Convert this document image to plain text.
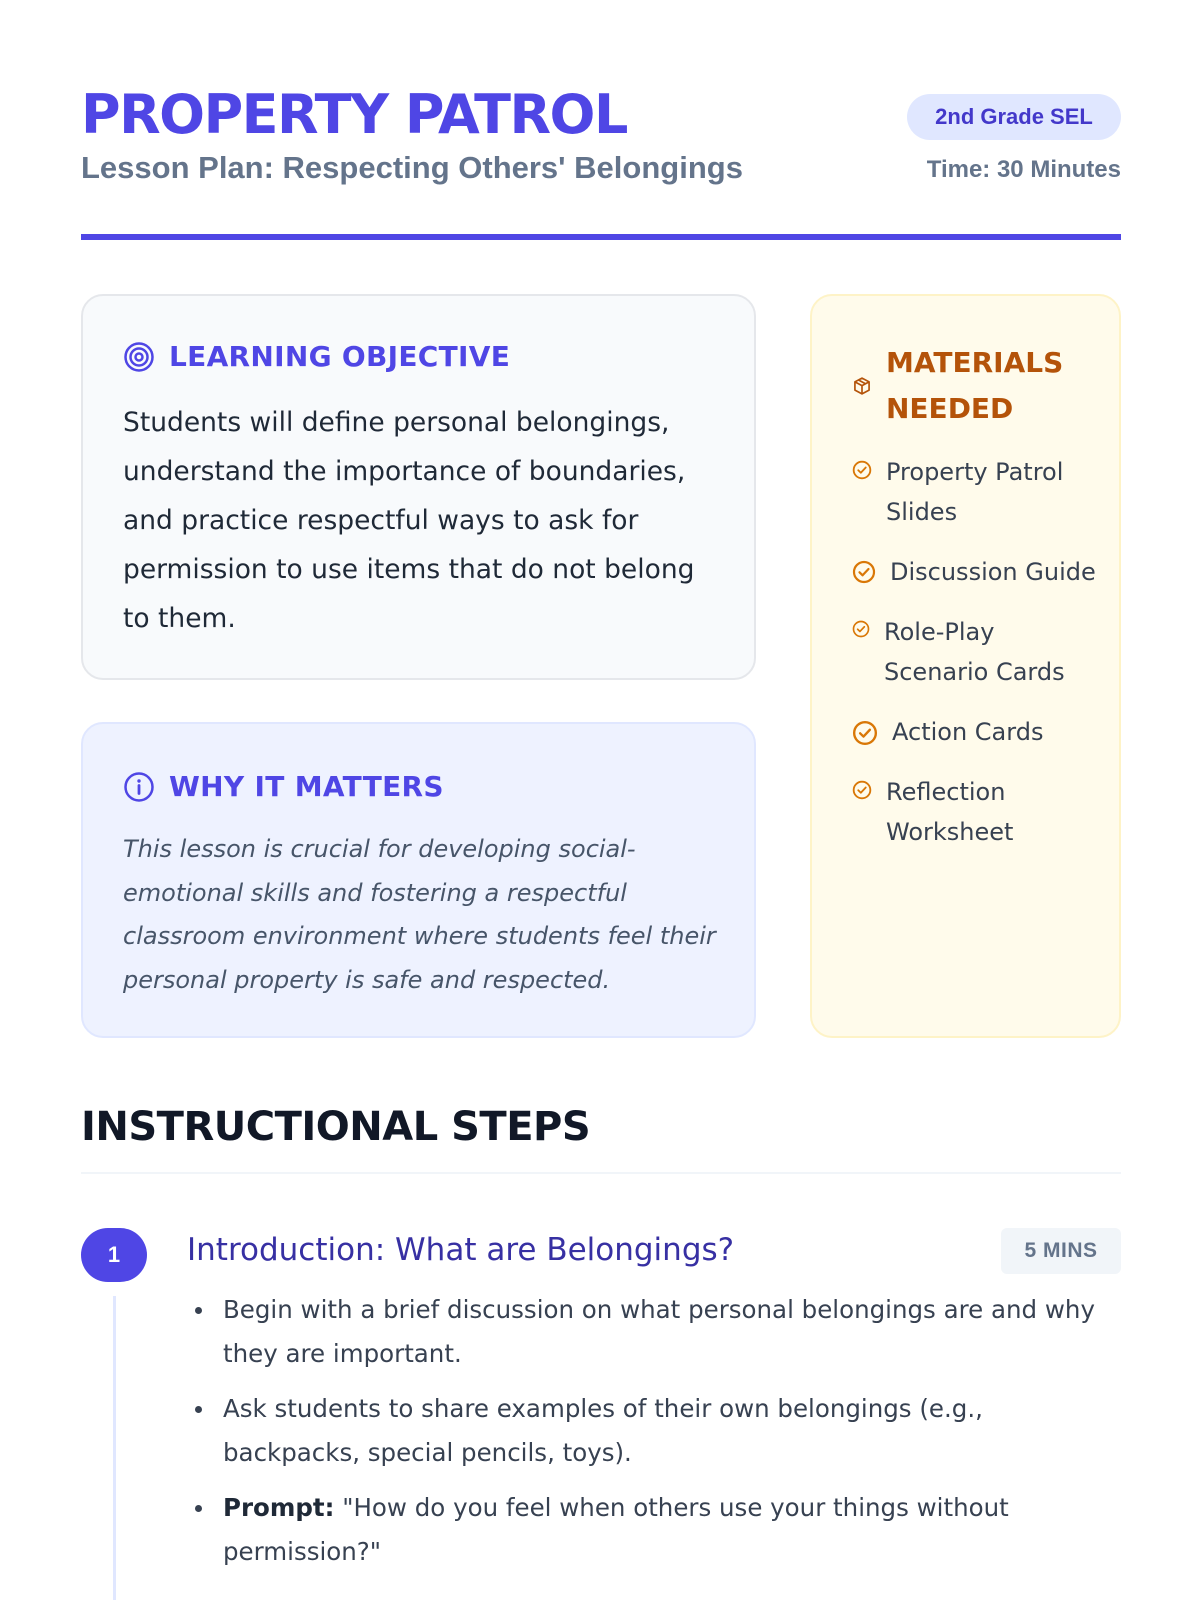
PROPERTY PATROL
Lesson Plan: Respecting Others' Belongings
2nd Grade SEL
Time: 30 Minutes
LEARNING OBJECTIVE

Students will define personal belongings, understand the importance of boundaries, and practice respectful ways to ask for permission to use items that do not belong to them.

WHY IT MATTERS

This lesson is crucial for developing social-emotional skills and fostering a respectful classroom environment where students feel their personal property is safe and respected.

MATERIALS NEEDED
Property Patrol Slides
Discussion Guide
Role-Play Scenario Cards
Action Cards
Reflection Worksheet
INSTRUCTIONAL STEPS
1	Introduction: What are Belongings?	5 MINS
Begin with a brief discussion on what personal belongings are and why they are important.
Ask students to share examples of their own belongings (e.g., backpacks, special pencils, toys).
Prompt: "How do you feel when others use your things without permission?"
